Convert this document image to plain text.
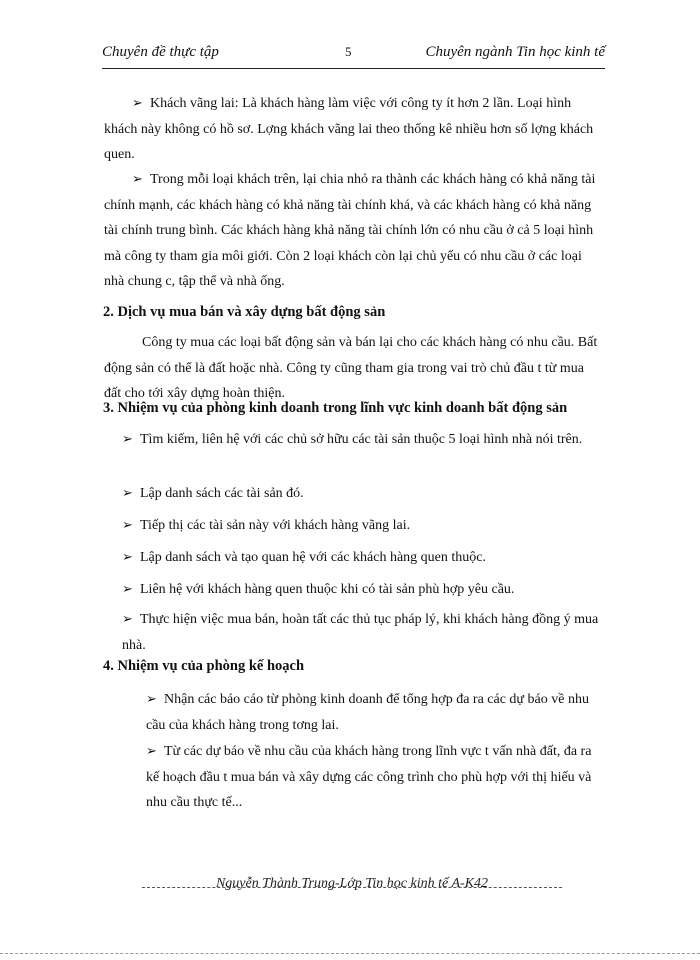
Chuyên đề thực tập	5	Chuyên ngành Tin học kinh tế
➢ Khách vãng lai: Là khách hàng làm việc với công ty ít hơn 2 lần. Loại hình khách này không có hồ sơ. Lợng khách vãng lai theo thống kê nhiều hơn số lợng khách quen.
➢ Trong mỗi loại khách trên, lại chia nhỏ ra thành các khách hàng có khả năng tài chính mạnh, các khách hàng có khả năng tài chính khá, và các khách hàng có khả năng tài chính trung bình. Các khách hàng khả năng tài chính lớn có nhu cầu ở cả 5 loại hình mà công ty tham gia môi giới. Còn 2 loại khách còn lại chủ yếu có nhu cầu ở các loại nhà chung c, tập thể và nhà ống.
2. Dịch vụ mua bán và xây dựng bất động sản
Công ty mua các loại bất động sản và bán lại cho các khách hàng có nhu cầu. Bất động sản có thể là đất hoặc nhà. Công ty cũng tham gia trong vai trò chủ đầu t từ mua đất cho tới xây dựng hoàn thiện.
3. Nhiệm vụ của phòng kinh doanh trong lĩnh vực kinh doanh bất động sản
➢ Tìm kiếm, liên hệ với các chủ sở hữu các tài sản thuộc 5 loại hình nhà nói trên.
➢ Lập danh sách các tài sản đó.
➢ Tiếp thị các tài sản này với khách hàng vãng lai.
➢ Lập danh sách và tạo quan hệ với các khách hàng quen thuộc.
➢ Liên hệ với khách hàng quen thuộc khi có tài sản phù hợp yêu cầu.
➢ Thực hiện việc mua bán, hoàn tất các thủ tục pháp lý, khi khách hàng đồng ý mua nhà.
4. Nhiệm vụ của phòng kế hoạch
➢ Nhận các báo cáo từ phòng kinh doanh để tổng hợp đa ra các dự báo về nhu cầu của khách hàng trong tơng lai.
➢ Từ các dự báo về nhu cầu của khách hàng trong lĩnh vực t vấn nhà đất, đa ra kế hoạch đầu t mua bán và xây dựng các công trình cho phù hợp với thị hiếu và nhu cầu thực tế...
Nguyễn Thành Trung-Lớp Tin học kinh tế A-K42
